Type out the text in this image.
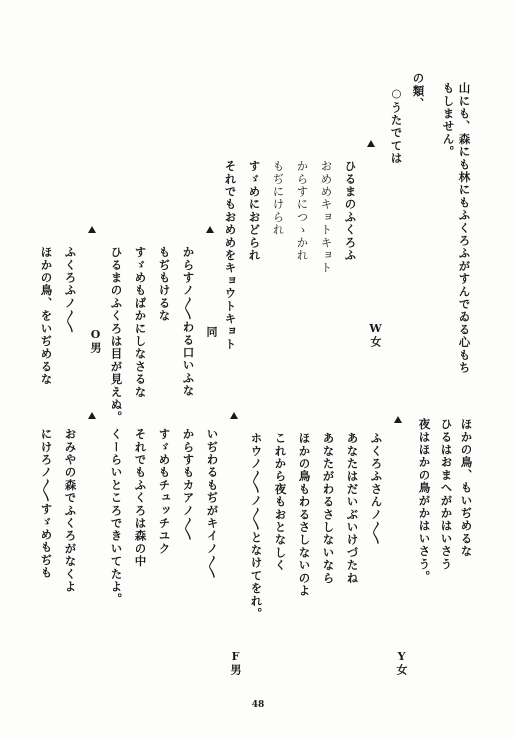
山にも、森にも林にもふくろふがすんでゐる心もち

もしません。

の類、

○うたでては

ひるまのふくろふ

おめめキョトキョト

からすにつゝかれ

もぢにけられ

すゞめにおどられ

それでもおめめをキョウトキョト	W女

からすノ〱わる口いふな

もぢもけるな

すゞめもばかにしなさるな

ひるまのふくろは目が見えぬ。	同

ふくろふノ〱

ほかの鳥、をいぢめるな	O男

ほかの鳥、もいぢめるな

ひるはおまへがかはいさう

夜はほかの鳥がかはいさう。

ふくろふさんノ〱

あなたはだいぶいけづたね

あなたがわるさしないなら

ほかの鳥もわるさしないのよ

これから夜もおとなしく

ホウノ〱ノ〱となけてをれ。

Y女

いぢわるもぢがキイノ〱

からすもカアノ〱

すゞめもチュッチユク

それでもふくろは森の中

くーらいところできいてたよ。

F男

おみやの森でふくろがなくよ

にけろノ〱すゞめもぢも

48
